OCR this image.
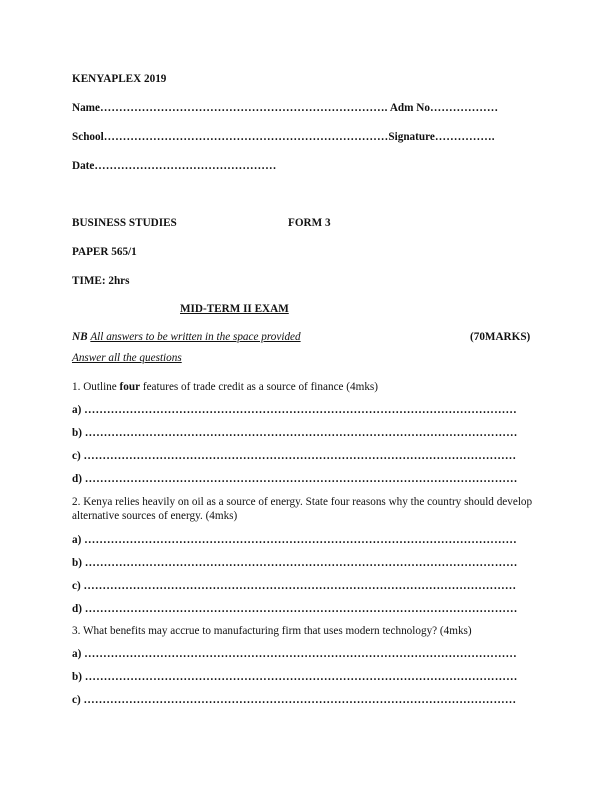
KENYAPLEX 2019
Name…………………………………………………………………. Adm No………………
School…………………………………………………………………Signature…………….
Date…………………………………………
BUSINESS STUDIES	FORM 3
PAPER 565/1
TIME: 2hrs
MID-TERM II EXAM
NB All answers to be written in the space provided	(70MARKS)
Answer all the questions
1. Outline four features of trade credit as a source of finance (4mks)
a) ……………………………………………………………………………………………………
b) ……………………………………………………………………………………………………
c) ……………………………………………………………………………………………………
d) ……………………………………………………………………………………………………
2. Kenya relies heavily on oil as a source of energy. State four reasons why the country should develop alternative sources of energy. (4mks)
a) ……………………………………………………………………………………………………
b) ……………………………………………………………………………………………………
c) ……………………………………………………………………………………………………
d) ……………………………………………………………………………………………………
3. What benefits may accrue to manufacturing firm that uses modern technology? (4mks)
a) ……………………………………………………………………………………………………
b) ……………………………………………………………………………………………………
c) ……………………………………………………………………………………………………
